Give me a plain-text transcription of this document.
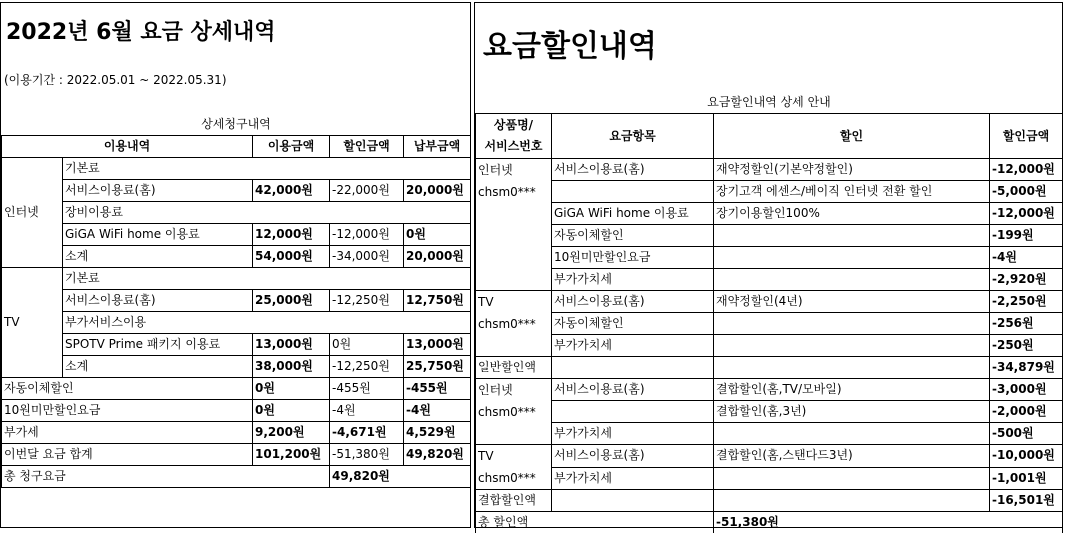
2022년 6월 요금 상세내역
(이용기간 : 2022.05.01 ~ 2022.05.31)
상세청구내역
이용내역		이용금액	할인금액	납부금액
인터넷	기본료			
	서비스이용료(홈)	42,000원	-22,000원	20,000원
	장비이용료			
	GiGA WiFi home 이용료	12,000원	-12,000원	0원
	소계	54,000원	-34,000원	20,000원
TV	기본료			
	서비스이용료(홈)	25,000원	-12,250원	12,750원
	부가서비스이용			
	SPOTV Prime 패키지 이용료	13,000원	0원	13,000원
	소계	38,000원	-12,250원	25,750원
자동이체할인		0원	-455원	-455원
10원미만할인요금		0원	-4원	-4원
부가세		9,200원	-4,671원	4,529원
이번달 요금 합계		101,200원	-51,380원	49,820원
총 청구요금			49,820원	
요금할인내역
요금할인내역 상세 안내
상품명/
서비스번호	요금항목	할인	할인금액

인터넷
chsm0***	서비스이용료(홈)	재약정할인(기본약정할인)	-12,000원
		장기고객 에센스/베이직 인터넷 전환 할인	-5,000원
	GiGA WiFi home 이용료	장기이용할인100%	-12,000원
	자동이체할인		-199원
	10원미만할인요금		-4원
	부가가치세		-2,920원

TV
chsm0***	서비스이용료(홈)	재약정할인(4년)	-2,250원
	자동이체할인		-256원
	부가가치세		-250원
일반할인액			-34,879원

인터넷
chsm0***	서비스이용료(홈)	결합할인(홈,TV/모바일)	-3,000원
		결합할인(홈,3년)	-2,000원
	부가가치세		-500원

TV
chsm0***	서비스이용료(홈)	결합할인(홈,스탠다드3년)	-10,000원
	부가가치세		-1,001원
결합할인액			-16,501원
총 할인액		-51,380원	
